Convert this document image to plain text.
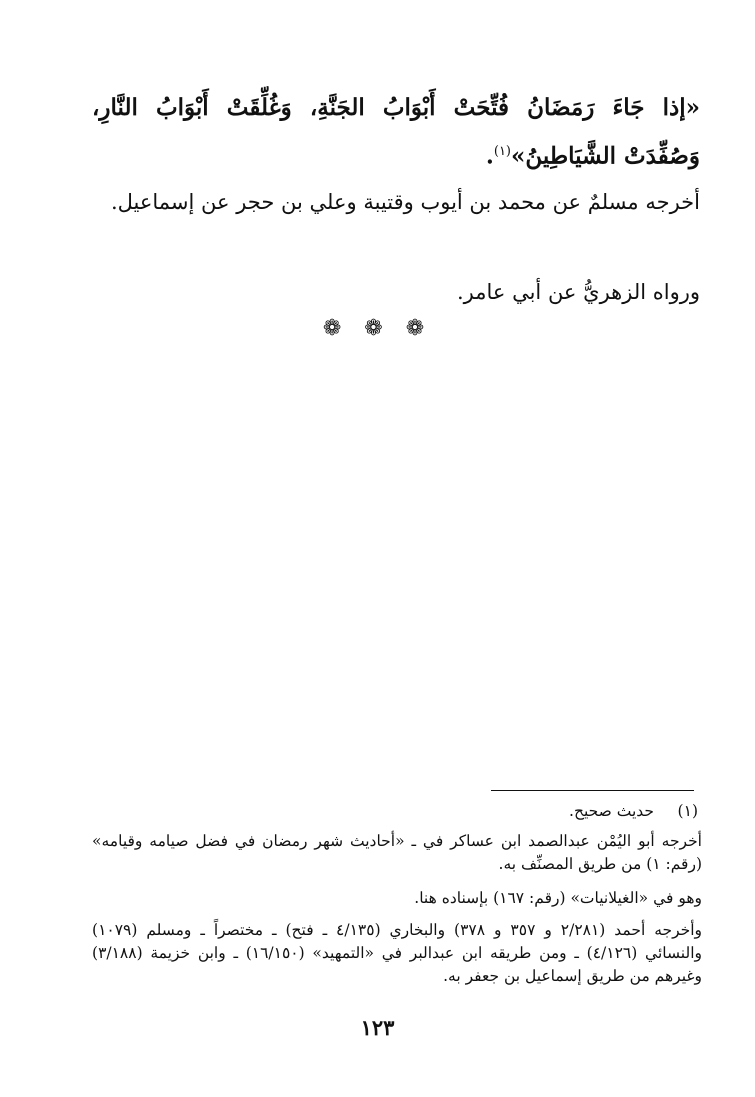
«إذا جَاءَ رَمَضَانُ فُتِّحَتْ أَبْوَابُ الجَنَّةِ، وَغُلِّقَتْ أَبْوَابُ النَّارِ، وَصُفِّدَتْ الشَّيَاطِينُ»$^{(١)}$.
أخرجه مسلمٌ عن محمد بن أيوب وقتيبة وعلي بن حجر عن إسماعيل.
ورواه الزهريُّ عن أبي عامر.
❁ ❁ ❁
(١)
حديث صحيح.
أخرجه أبو اليُمْن عبدالصمد ابن عساكر في ـ «أحاديث شهر رمضان في فضل صيامه وقيامه» (رقم: ١) من طريق المصنِّف به.
وهو في «الغيلانيات» (رقم: ١٦٧) بإسناده هنا.
وأخرجه أحمد (٢/٢٨١ و ٣٥٧ و ٣٧٨) والبخاري (٤/١٣٥ ـ فتح) ـ مختصراً ـ ومسلم (١٠٧٩) والنسائي (٤/١٢٦) ـ ومن طريقه ابن عبدالبر في «التمهيد» (١٦/١٥٠) ـ وابن خزيمة (٣/١٨٨) وغيرهم من طريق إسماعيل بن جعفر به.
١٢٣
